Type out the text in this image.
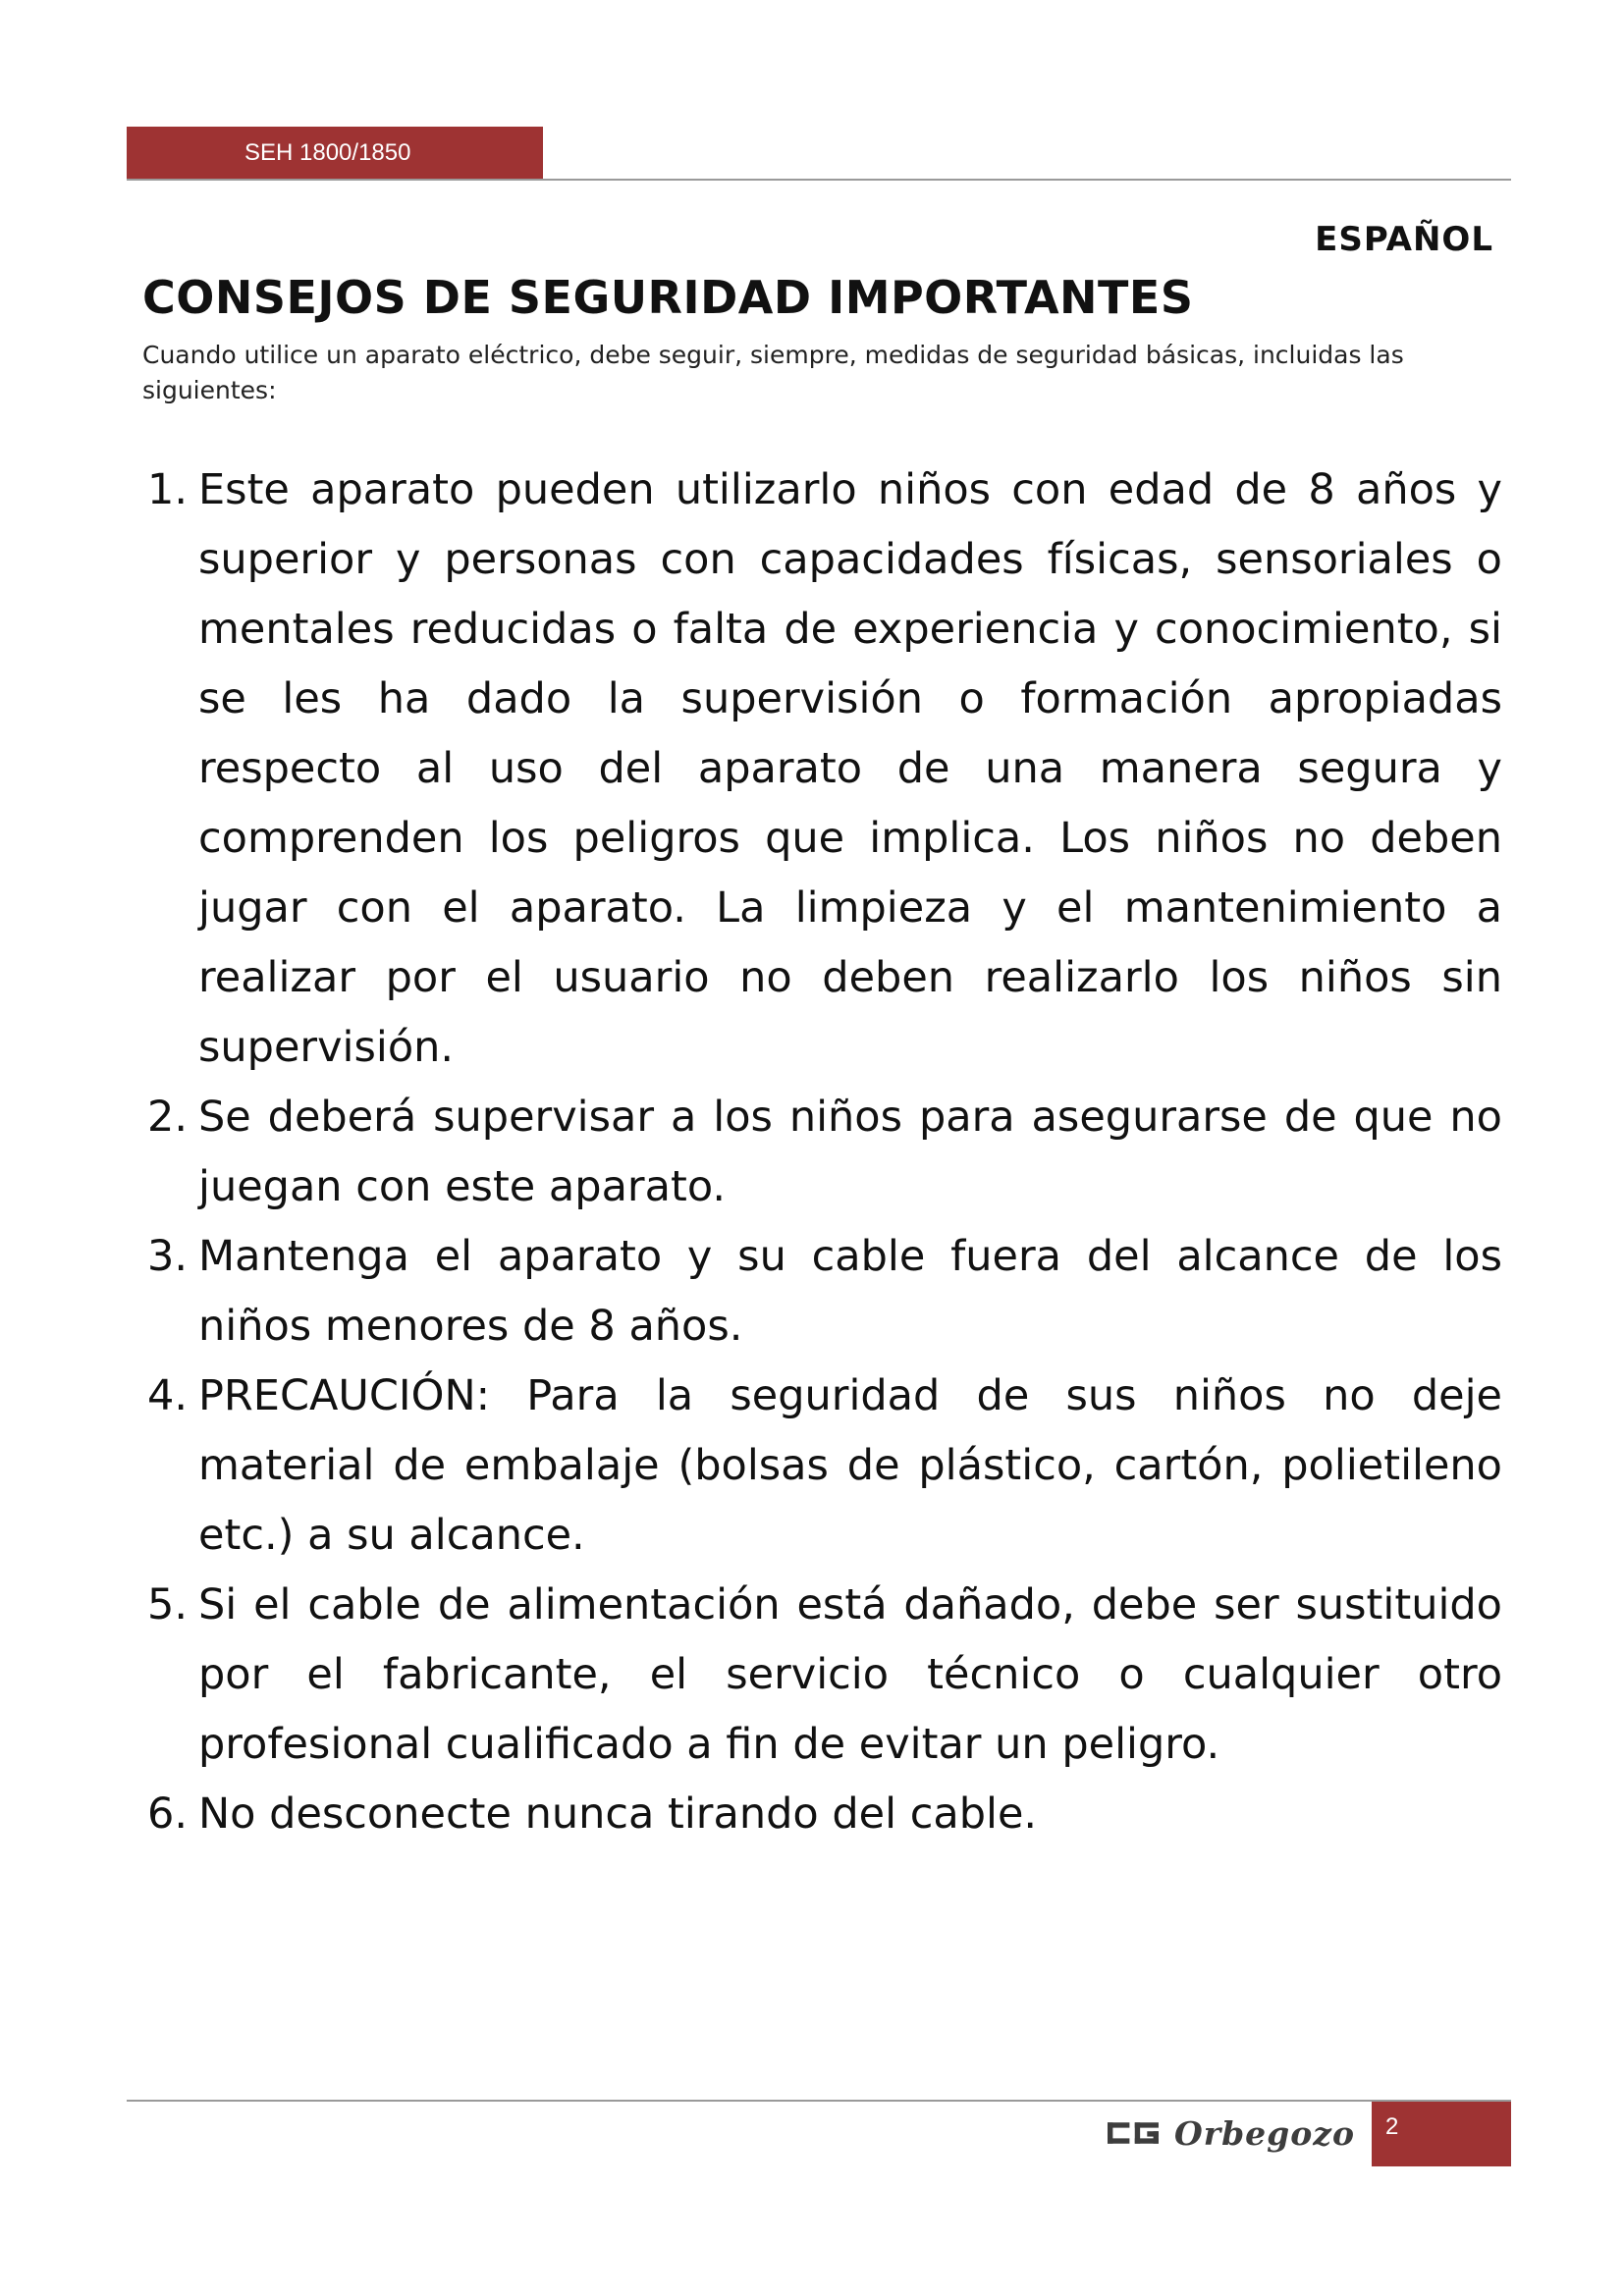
SEH 1800/1850
ESPAÑOL
CONSEJOS DE SEGURIDAD IMPORTANTES
Cuando utilice un aparato eléctrico, debe seguir, siempre, medidas de seguridad básicas, incluidas las siguientes:
1. Este aparato pueden utilizarlo niños con edad de 8 años y superior y personas con capacidades físicas, sensoriales o mentales reducidas o falta de experiencia y conocimiento, si se les ha dado la supervisión o formación apropiadas respecto al uso del aparato de una manera segura y comprenden los peligros que implica. Los niños no deben jugar con el aparato. La limpieza y el mantenimiento a realizar por el usuario no deben realizarlo los niños sin supervisión.
2. Se deberá supervisar a los niños para asegurarse de que no juegan con este aparato.
3. Mantenga el aparato y su cable fuera del alcance de los niños menores de 8 años.
4. PRECAUCIÓN: Para la seguridad de sus niños no deje material de embalaje (bolsas de plástico, cartón, polietileno etc.) a su alcance.
5. Si el cable de alimentación está dañado, debe ser sustituido por el fabricante, el servicio técnico o cualquier otro profesional cualificado a fin de evitar un peligro.
6. No desconecte nunca tirando del cable.
Orbegozo	2
